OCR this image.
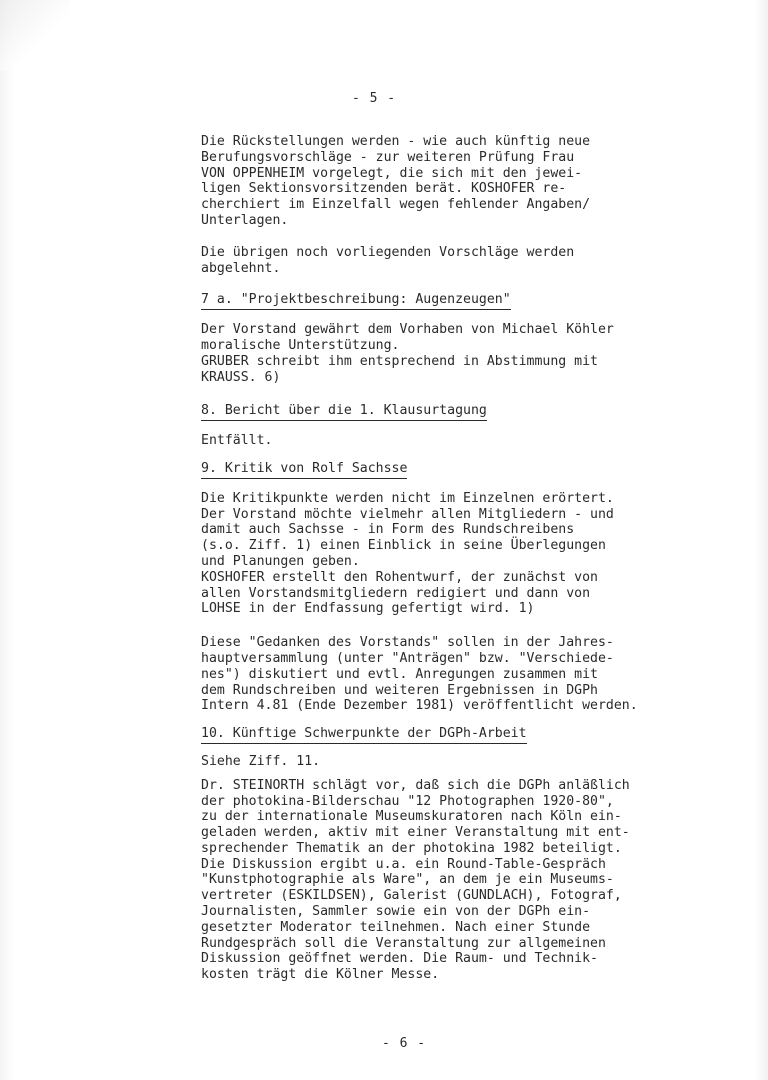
- 5 -
Die Rückstellungen werden - wie auch künftig neue
Berufungsvorschläge - zur weiteren Prüfung Frau
VON OPPENHEIM vorgelegt, die sich mit den jewei-
ligen Sektionsvorsitzenden berät. KOSHOFER re-
cherchiert im Einzelfall wegen fehlender Angaben/
Unterlagen.
Die übrigen noch vorliegenden Vorschläge werden
abgelehnt.
7 a. "Projektbeschreibung: Augenzeugen"
Der Vorstand gewährt dem Vorhaben von Michael Köhler
moralische Unterstützung.
GRUBER schreibt ihm entsprechend in Abstimmung mit
KRAUSS. 6)
8. Bericht über die 1. Klausurtagung
Entfällt.
9. Kritik von Rolf Sachsse
Die Kritikpunkte werden nicht im Einzelnen erörtert.
Der Vorstand möchte vielmehr allen Mitgliedern - und
damit auch Sachsse - in Form des Rundschreibens
(s.o. Ziff. 1) einen Einblick in seine Überlegungen
und Planungen geben.
KOSHOFER erstellt den Rohentwurf, der zunächst von
allen Vorstandsmitgliedern redigiert und dann von
LOHSE in der Endfassung gefertigt wird. 1)
Diese "Gedanken des Vorstands" sollen in der Jahres-
hauptversammlung (unter "Anträgen" bzw. "Verschiede-
nes") diskutiert und evtl. Anregungen zusammen mit
dem Rundschreiben und weiteren Ergebnissen in DGPh
Intern 4.81 (Ende Dezember 1981) veröffentlicht werden.
10. Künftige Schwerpunkte der DGPh-Arbeit
Siehe Ziff. 11.
Dr. STEINORTH schlägt vor, daß sich die DGPh anläßlich
der photokina-Bilderschau "12 Photographen 1920-80",
zu der internationale Museumskuratoren nach Köln ein-
geladen werden, aktiv mit einer Veranstaltung mit ent-
sprechender Thematik an der photokina 1982 beteiligt.
Die Diskussion ergibt u.a. ein Round-Table-Gespräch
"Kunstphotographie als Ware", an dem je ein Museums-
vertreter (ESKILDSEN), Galerist (GUNDLACH), Fotograf,
Journalisten, Sammler sowie ein von der DGPh ein-
gesetzter Moderator teilnehmen. Nach einer Stunde
Rundgespräch soll die Veranstaltung zur allgemeinen
Diskussion geöffnet werden. Die Raum- und Technik-
kosten trägt die Kölner Messe.
- 6 -
